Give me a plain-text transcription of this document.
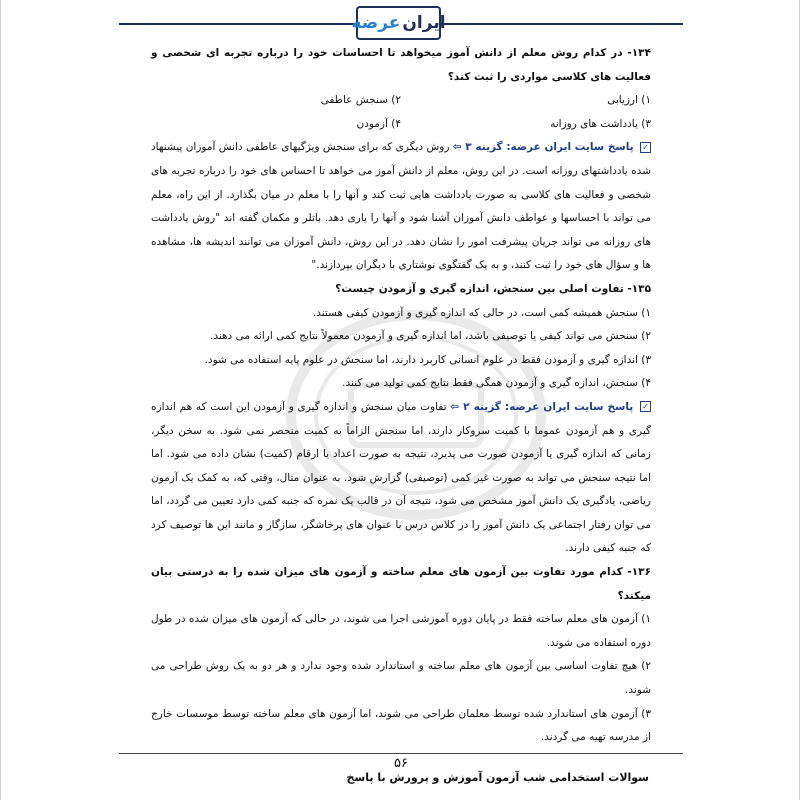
ایران
عرضه

۱۳۴- در کدام روش معلم از دانش آموز میخواهد تا احساسات خود را درباره تجربه ای شخصی و فعالیت های کلاسی مواردی را ثبت کند؟

۱) ارزیابی
۲) سنجش عاطفی
۳) یادداشت های روزانه
۴) آزمودن

✓ پاسخ سایت ایران عرضه: گزینه ۳ ⇦ روش دیگری که برای سنجش ویژگیهای عاطفی دانش آموزان پیشنهاد شده یادداشتهای روزانه است. در این روش، معلم از دانش آموز می خواهد تا احساس های خود را درباره تجربه های شخصی و فعالیت های کلاسی به صورت یادداشت هایی ثبت کند و آنها را با معلم در میان بگذارد. از این راه، معلم می تواند با احساسها و عواطف دانش آموزان آشنا شود و آنها را یاری دهد. باتلر و مکمان گفته اند "روش یادداشت های روزانه می تواند جریان پیشرفت امور را نشان دهد. در این روش، دانش آموزان می توانند اندیشه ها، مشاهده ها و سؤال های خود را ثبت کنند، و به یک گفتگوی نوشتاری با دیگران بپردازند."

۱۳۵- تفاوت اصلی بین سنجش، اندازه گیری و آزمودن چیست؟

۱) سنجش همیشه کمی است، در حالی که اندازه گیری و آزمودن کیفی هستند.

۲) سنجش می تواند کیفی یا توصیفی باشد، اما اندازه گیری و آزمودن معمولاً نتایج کمی ارائه می دهند.

۳) اندازه گیری و آزمودن فقط در علوم انسانی کاربرد دارند، اما سنجش در علوم پایه استفاده می شود.

۴) سنجش، اندازه گیری و آزمودن همگی فقط نتایج کمی تولید می کنند.

✓ پاسخ سایت ایران عرضه: گزینه ۲ ⇦ تفاوت میان سنجش و اندازه گیری و آزمودن این است که هم اندازه گیری و هم آزمودن عموما با کمیت سروکار دارند، اما سنجش الزاماً به کمیت منحصر نمی شود. به سخن دیگر، زمانی که اندازه گیری یا آزمودن صورت می پذیرد، نتیجه به صورت اعداد یا ارقام (کمیت) نشان داده می شود. اما اما نتیجه سنجش می تواند به صورت غیر کمی (توصیفی) گزارش شود. به عنوان مثال، وقتی که، به کمک یک آزمون ریاضی، یادگیری یک دانش آموز مشخص می شود، نتیجه آن در قالب یک نمره که جنبه کمی دارد تعیین می گردد، اما می توان رفتار اجتماعی یک دانش آموز را در کلاس درس با عنوان های پرخاشگر، سازگار و مانند این ها توصیف کرد که جنبه کیفی دارند.

۱۳۶- کدام مورد تفاوت بین آزمون های معلم ساخته و آزمون های میزان شده را به درستی بیان میکند؟

۱) آزمون های معلم ساخته فقط در پایان دوره آموزشی اجرا می شوند، در حالی که آزمون های میزان شده در طول دوره استفاده می شوند.

۲) هیچ تفاوت اساسی بین آزمون های معلم ساخته و استاندارد شده وجود ندارد و هر دو به یک روش طراحی می شوند.

۳) آزمون های استاندارد شده توسط معلمان طراحی می شوند، اما آزمون های معلم ساخته توسط موسسات خارج از مدرسه تهیه می گردند.

۵۶
سوالات استخدامی شب آزمون آموزش و پرورش با پاسخ
